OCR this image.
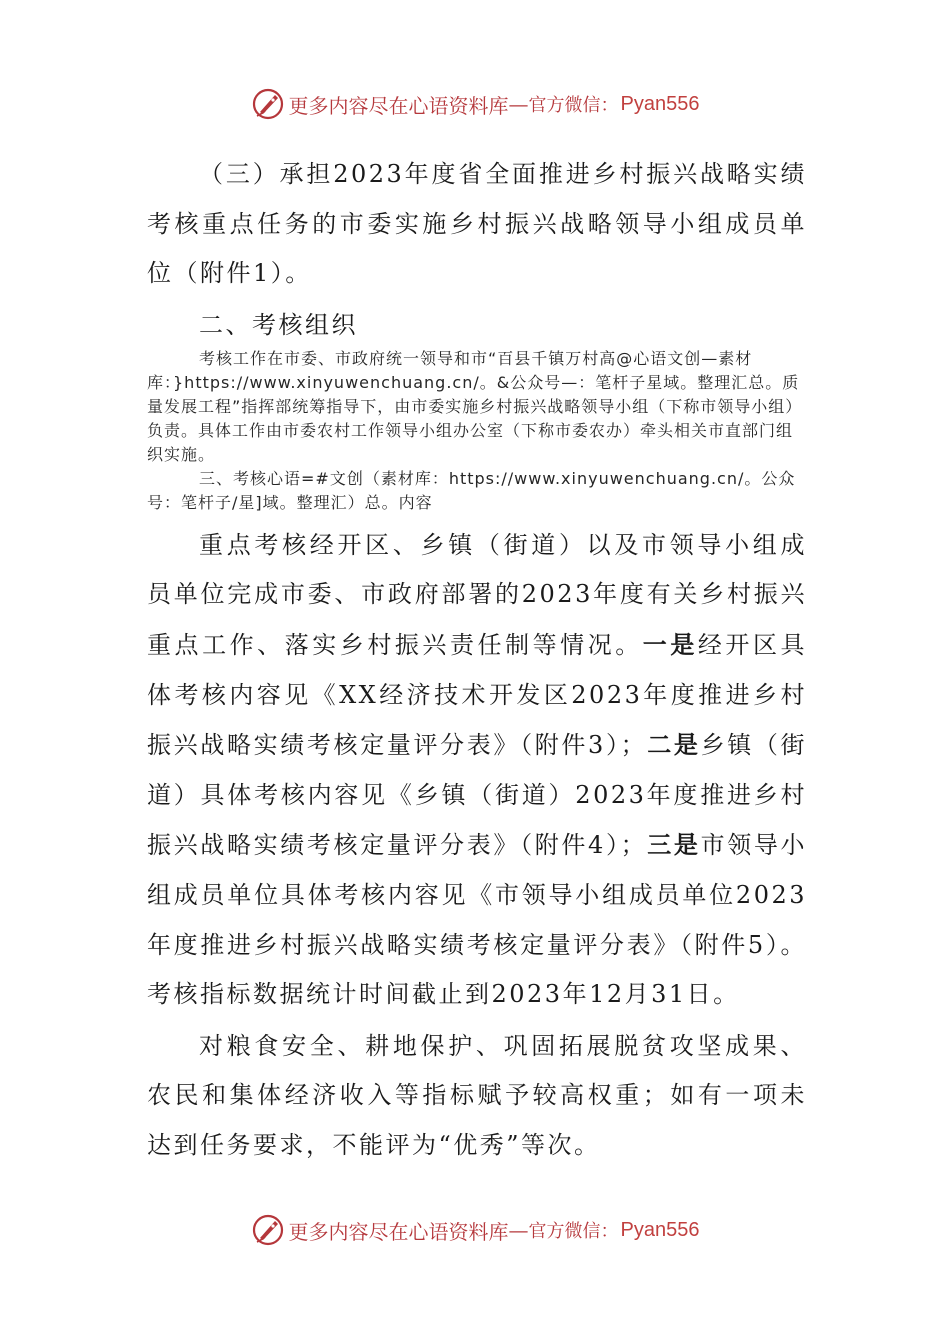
更多内容尽在心语资料库 — 官方微信： Pyan556

（三）承担2023年度省全面推进乡村振兴战略实绩考核重点任务的市委实施乡村振兴战略领导小组成员单位（附件1）。

二、考核组织

考核工作在市委、市政府统一领导和市“百县千镇万村高@心语文创—素材库：}https://www.xinyuwenchuang.cn/。&公众号—：笔杆子星域。整理汇总。质量发展工程”指挥部统筹指导下，由市委实施乡村振兴战略领导小组（下称市领导小组）负责。具体工作由市委农村工作领导小组办公室（下称市委农办）牵头相关市直部门组织实施。

三、考核心语=#文创（素材库：https://www.xinyuwenchuang.cn/。公众号：笔杆子/星]域。整理汇）总。内容

重点考核经开区、乡镇（街道）以及市领导小组成员单位完成市委、市政府部署的2023年度有关乡村振兴重点工作、落实乡村振兴责任制等情况。一是经开区具体考核内容见《XX经济技术开发区2023年度推进乡村振兴战略实绩考核定量评分表》（附件3）；二是乡镇（街道）具体考核内容见《乡镇（街道）2023年度推进乡村振兴战略实绩考核定量评分表》（附件4）；三是市领导小组成员单位具体考核内容见《市领导小组成员单位2023年度推进乡村振兴战略实绩考核定量评分表》（附件5）。考核指标数据统计时间截止到2023年12月31日。

对粮食安全、耕地保护、巩固拓展脱贫攻坚成果、农民和集体经济收入等指标赋予较高权重；如有一项未达到任务要求，不能评为“优秀”等次。

更多内容尽在心语资料库 — 官方微信： Pyan556
